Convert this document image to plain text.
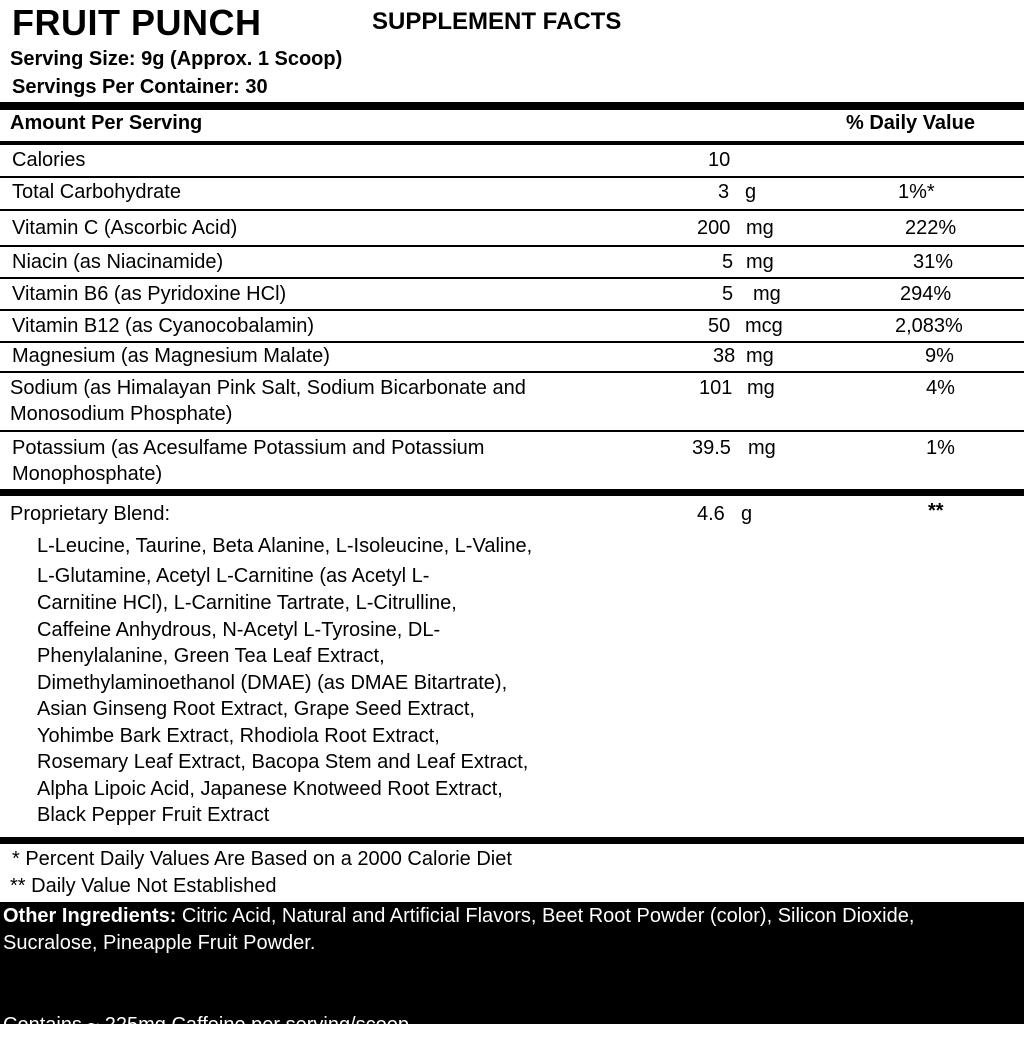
FRUIT PUNCH	SUPPLEMENT FACTS
Serving Size: 9g (Approx. 1 Scoop)
Servings Per Container: 30
Amount Per Serving	% Daily Value
Calories	10
Total Carbohydrate	3 g	1%*
Vitamin C (Ascorbic Acid)	200 mg	222%
Niacin (as Niacinamide)	5 mg	31%
Vitamin B6 (as Pyridoxine HCl)	5 mg	294%
Vitamin B12 (as Cyanocobalamin)	50 mcg	2,083%
Magnesium (as Magnesium Malate)	38 mg	9%
Sodium (as Himalayan Pink Salt, Sodium Bicarbonate and
Monosodium Phosphate)
101 mg	4%
Potassium (as Acesulfame Potassium and Potassium
Monophosphate)
39.5 mg	1%
Proprietary Blend:	4.6 g	**
L-Leucine, Taurine, Beta Alanine, L-Isoleucine, L-Valine,
L-Glutamine, Acetyl L-Carnitine (as Acetyl L-
Carnitine HCl), L-Carnitine Tartrate, L-Citrulline,
Caffeine Anhydrous, N-Acetyl L-Tyrosine, DL-
Phenylalanine, Green Tea Leaf Extract,
Dimethylaminoethanol (DMAE) (as DMAE Bitartrate),
Asian Ginseng Root Extract, Grape Seed Extract,
Yohimbe Bark Extract, Rhodiola Root Extract,
Rosemary Leaf Extract, Bacopa Stem and Leaf Extract,
Alpha Lipoic Acid, Japanese Knotweed Root Extract,
Black Pepper Fruit Extract
* Percent Daily Values Are Based on a 2000 Calorie Diet
** Daily Value Not Established
Other Ingredients: Citric Acid, Natural and Artificial Flavors, Beet Root Powder (color), Silicon Dioxide,
Sucralose, Pineapple Fruit Powder.
Contains ~ 225mg Caffeine per serving/scoop.
